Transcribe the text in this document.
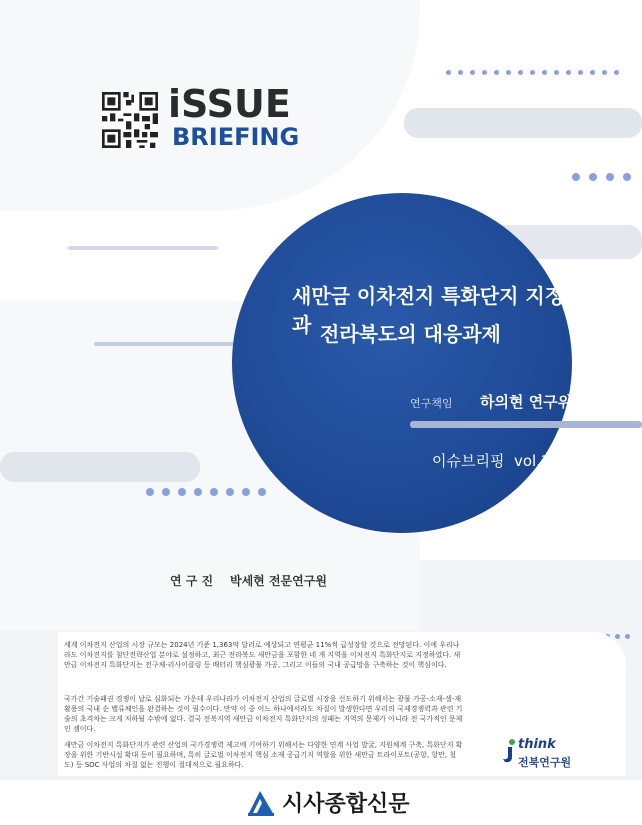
iSSUE
BRIEFING
새만금 이차전지 특화단지 지정과 전라북도의 대응과제
연구책임 하의현 연구위원
이슈브리핑  vol.287
연 구 진 박세현 전문연구원

세계 이차전지 산업의 시장 규모는 2024년 기준 1,363억 달러로 예상되고 연평균 11%씩 급성장할 것으로 전망된다. 이에 우리나라도 이차전지를 첨단전략산업 분야로 설정하고, 최근 전라북도 새만금을 포함한 네 개 지역을 이차전지 특화단지로 지정하였다. 새만금 이차전지 특화단지는 전구체·리사이클링 등 배터리 핵심광물 가공, 그리고 이들의 국내 공급망을 구축하는 것이 핵심이다.

국가간 기술패권 경쟁이 날로 심화되는 가운데 우리나라가 이차전지 산업의 글로벌 시장을 선도하기 위해서는 광물 가공-소재-셀-재활용의 국내 순 밸류체인을 완결하는 것이 필수이다. 만약 이 중 어느 하나에서라도 차질이 발생한다면 우리의 국제경쟁력과 관련 기술의 초격차는 크게 저하될 수밖에 없다. 결국 전북지역 새만금 이차전지 특화단지의 성패는 지역의 문제가 아니라 전 국가적인 문제인 셈이다.

새만금 이차전지 특화단지가 관련 산업의 국가경쟁력 제고에 기여하기 위해서는 다양한 연계 사업 발굴, 지원체계 구축, 특화단지 확장을 위한 기반시설 확대 등이 필요하며, 특히 글로벌 이차전지 핵심 소재 공급기지 역할을 위한 새만금 트라이포트(공항, 항만, 철도) 등 SOC 사업의 차질 없는 진행이 절대적으로 필요하다.

think
전북연구원
시사종합신문
